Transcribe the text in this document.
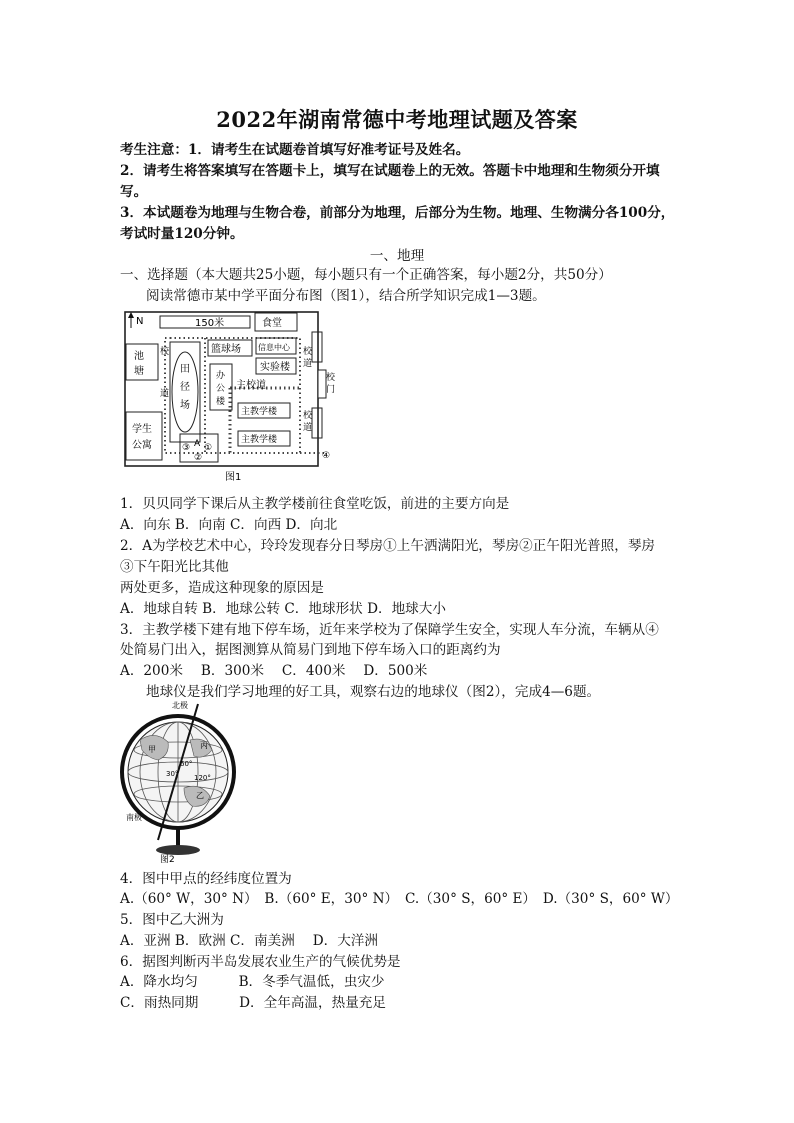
2022年湖南常德中考地理试题及答案
考生注意：1．请考生在试题卷首填写好准考证号及姓名。
2．请考生将答案填写在答题卡上，填写在试题卷上的无效。答题卡中地理和生物须分开填
写。
3．本试题卷为地理与生物合卷，前部分为地理，后部分为生物。地理、生物满分各100分，
考试时量120分钟。
一、地理
一、选择题（本大题共25小题，每小题只有一个正确答案，每小题2分，共50分）
阅读常德市某中学平面分布图（图1），结合所学知识完成1—3题。
N	150米	食堂
池
塘	田
径
场
篮球场 信息中心
实验楼
办
公
楼
主校道
主教学楼
主教学楼
学生
公寓	③ A ①
②
校
道
校
道
校
道
校
门
④
图1
1．贝贝同学下课后从主教学楼前往食堂吃饭，前进的主要方向是
A．向东 B．向南 C．向西 D．向北
2．A为学校艺术中心，玲玲发现春分日琴房①上午洒满阳光，琴房②正午阳光普照，琴房
③下午阳光比其他
两处更多，造成这种现象的原因是
A．地球自转 B．地球公转 C．地球形状 D．地球大小
3．主教学楼下建有地下停车场，近年来学校为了保障学生安全，实现人车分流，车辆从④
处简易门出入，据图测算从简易门到地下停车场入口的距离约为
A．200米　 B．300米　 C．400米　 D．500米
地球仪是我们学习地理的好工具，观察右边的地球仪（图2），完成4—6题。
北极
南极
甲
乙
丙
30°
60°
120°
图2
4．图中甲点的经纬度位置为
A.（60° W，30° N）　B.（60° E，30° N）　C.（30° S，60° E）　D.（30° S，60° W）
5．图中乙大洲为
A．亚洲 B．欧洲 C．南美洲　 D．大洋洲
6．据图判断丙半岛发展农业生产的气候优势是
A．降水均匀　　　B．冬季气温低，虫灾少
C．雨热同期　　　D．全年高温，热量充足
